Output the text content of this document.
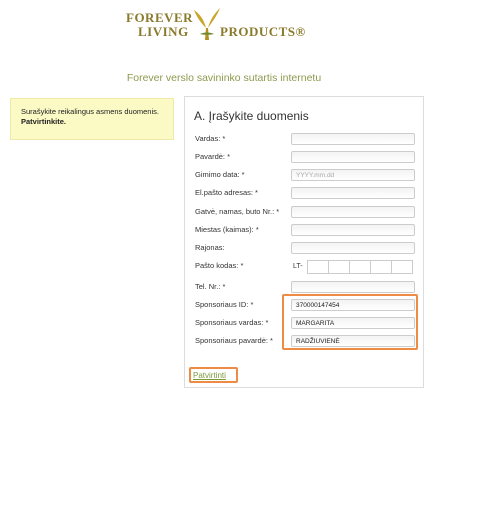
FOREVER
LIVING PRODUCTS®
Forever verslo savininko sutartis internetu
Surašykite reikalingus asmens duomenis.
Patvirtinkite.	A. Įrašykite duomenis
Vardas: *
Pavardė: *
Gimimo data: *	YYYY.mm.dd
El.pašto adresas: *
Gatvė, namas, buto Nr.: *
Miestas (kaimas): *
Rajonas:
Pašto kodas: *	LT-
Tel. Nr.: *
Sponsoriaus ID: *	370000147454
Sponsoriaus vardas: *	MARGARITA
Sponsoriaus pavardė: *	RADŽIUVIENĖ
Patvirtinti
